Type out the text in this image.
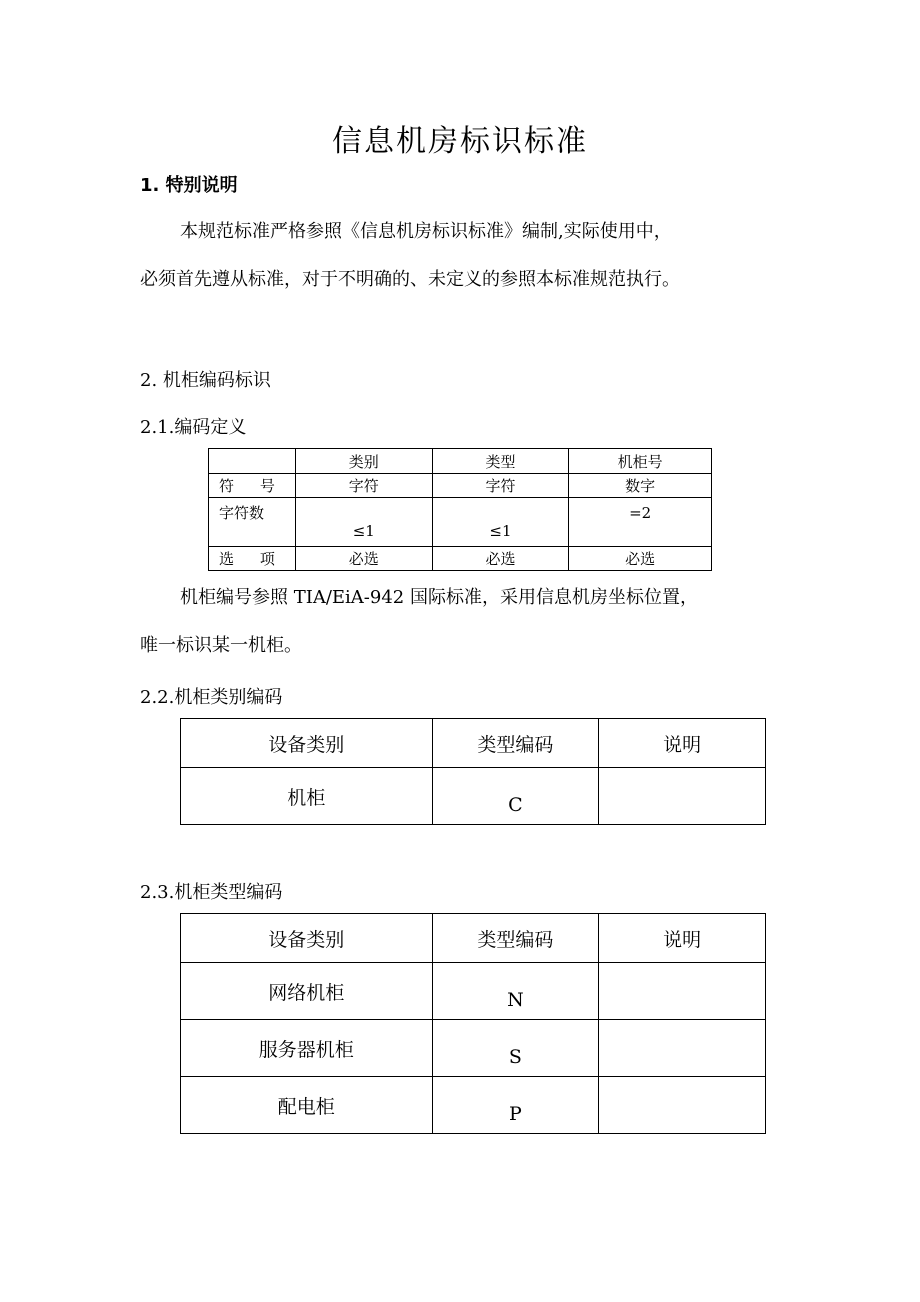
信息机房标识标准
1. 特别说明
本规范标准严格参照《信息机房标识标准》编制,实际使用中，
必须首先遵从标准，对于不明确的、未定义的参照本标准规范执行。
2. 机柜编码标识
2.1.编码定义
	类别	类型	机柜号
符　号	字符	字符	数字
字符数	≤1	≤1	=2
选　项	必选	必选	必选
机柜编号参照 TIA/EiA-942 国际标准，采用信息机房坐标位置，
唯一标识某一机柜。
2.2.机柜类别编码
设备类别	类型编码	说明
机柜	C	
2.3.机柜类型编码
设备类别	类型编码	说明
网络机柜	N	
服务器机柜	S	
配电柜	P	
